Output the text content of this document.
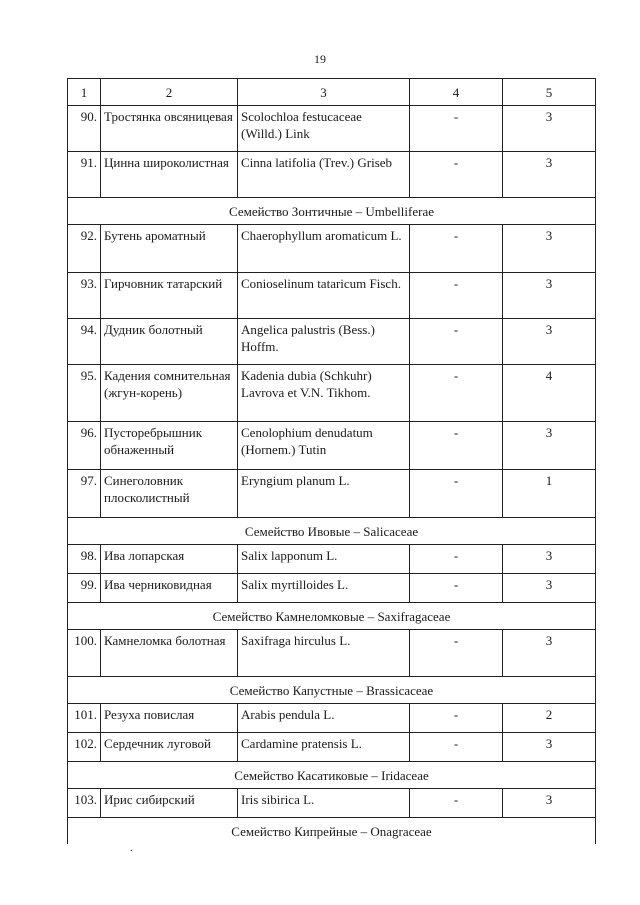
19
1	2	3	4	5
90.	Тростянка овсяницевая	Scolochloa festucaceae (Willd.) Link	-	3
91.	Цинна широколистная	Cinna latifolia (Trev.) Griseb	-	3
Семейство Зонтичные – Umbelliferae				
92.	Бутень ароматный	Chaerophyllum aromaticum L.	-	3
93.	Гирчовник татарский	Conioselinum tataricum Fisch.	-	3
94.	Дудник болотный	Angelica palustris (Bess.) Hoffm.	-	3
95.	Кадения сомнительная (жгун-корень)	Kadenia dubia (Schkuhr) Lavrova et V.N. Tikhom.	-	4
96.	Пусторебрышник обнаженный	Cenolophium denudatum (Hornem.) Tutin	-	3
97.	Синеголовник плосколистный	Eryngium planum L.	-	1
Семейство Ивовые – Salicaceae				
98.	Ива лопарская	Salix lapponum L.	-	3
99.	Ива черниковидная	Salix myrtilloides L.	-	3
Семейство Камнеломковые – Saxifragaceae				
100.	Камнеломка болотная	Saxifraga hirculus L.	-	3
Семейство Капустные – Brassicaceae				
101.	Резуха повислая	Arabis pendula L.	-	2
102.	Сердечник луговой	Cardamine pratensis L.	-	3
Семейство Касатиковые – Iridaceae				
103.	Ирис сибирский	Iris sibirica L.	-	3
Семейство Кипрейные – Onagraceae				
.
